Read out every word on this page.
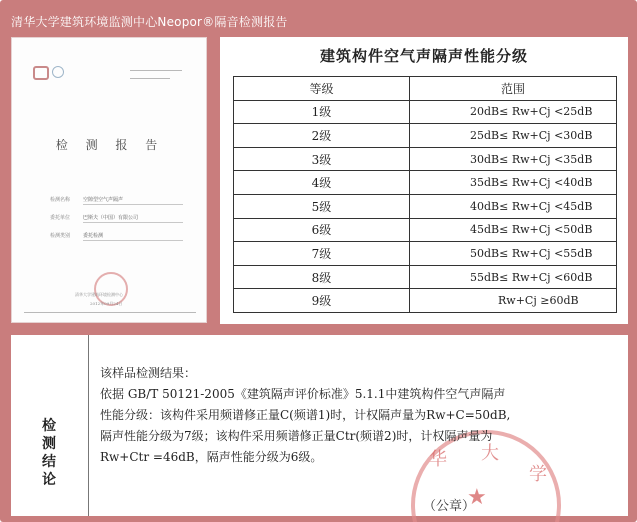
清华大学建筑环境监测中心Neopor®隔音检测报告
检 测 报 告
检测名称	空隙型空气声隔声
委托单位	巴斯夫（中国）有限公司
检测类别	委托检测
清华大学建筑环境检测中心
2012年09月24日
建筑构件空气声隔声性能分级
等级	范围
1级	20dB≤ Rw+Cj <25dB
2级	25dB≤ Rw+Cj <30dB
3级	30dB≤ Rw+Cj <35dB
4级	35dB≤ Rw+Cj <40dB
5级	40dB≤ Rw+Cj <45dB
6级	45dB≤ Rw+Cj <50dB
7级	50dB≤ Rw+Cj <55dB
8级	55dB≤ Rw+Cj <60dB
9级	Rw+Cj ≥60dB
检
测
结
论
华 大
学
★

该样品检测结果：

依据 GB/T 50121-2005《建筑隔声评价标准》5.1.1中建筑构件空气声隔声

性能分级：该构件采用频谱修正量C(频谱1)时，计权隔声量为Rw+C=50dB,

隔声性能分级为7级；该构件采用频谱修正量Ctr(频谱2)时，计权隔声量为

Rw+Ctr =46dB，隔声性能分级为6级。

（公章）
